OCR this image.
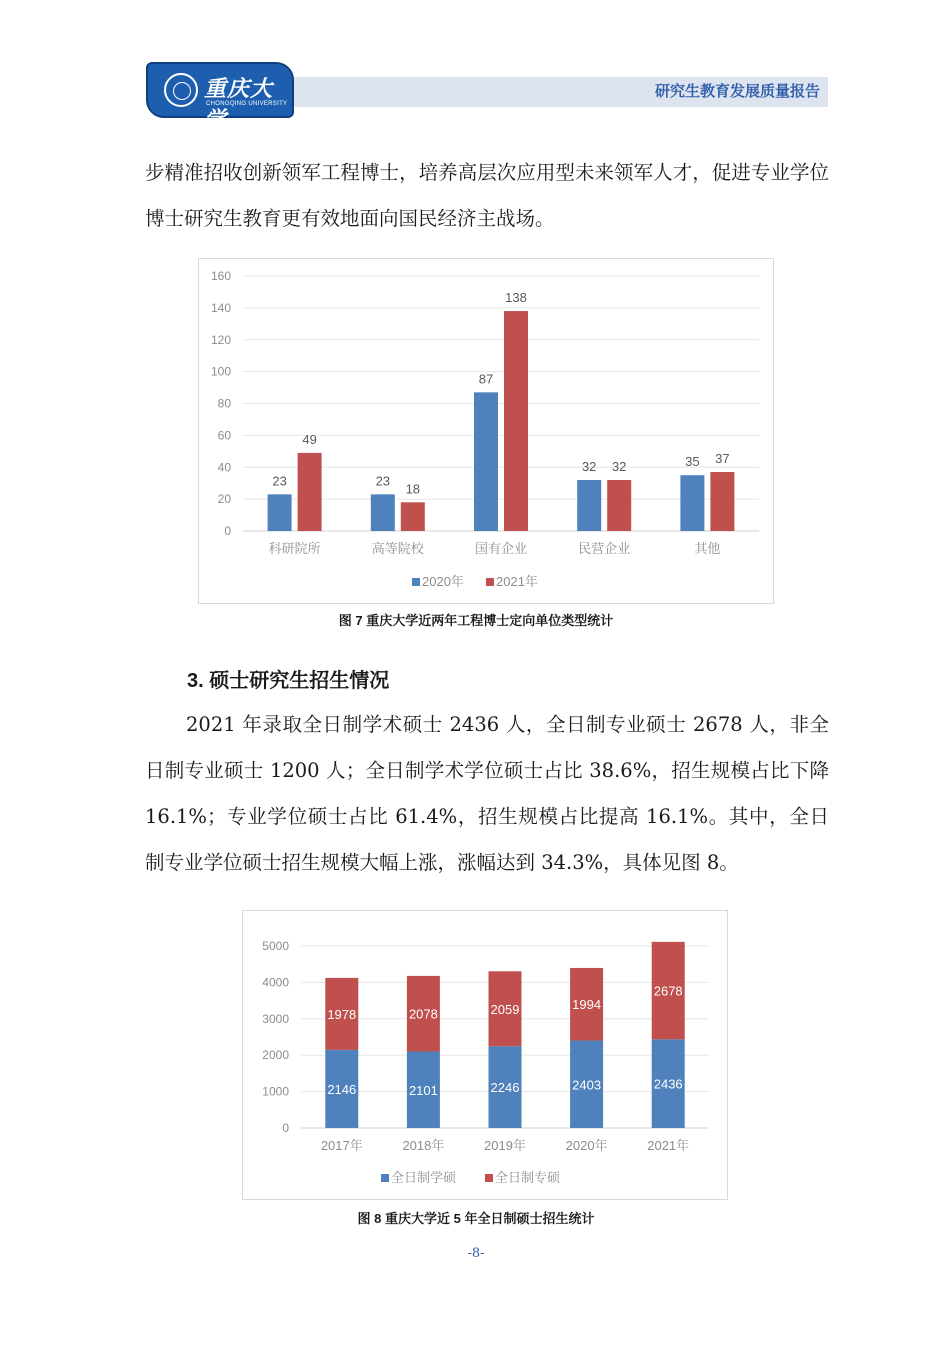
重庆大学
CHONGQING UNIVERSITY
研究生教育发展质量报告

步精准招收创新领军工程博士，培养高层次应用型未来领军人才，促进专业学位博士研究生教育更有效地面向国民经济主战场。

0
20
40
60
80
100
120
140
160
科研院所
23
49
高等院校
23
18
国有企业
87
138
民营企业
32 32
其他
35 37
2020年 2021年

图 7 重庆大学近两年工程博士定向单位类型统计

3. 硕士研究生招生情况

2021 年录取全日制学术硕士 2436 人，全日制专业硕士 2678 人，非全日制专业硕士 1200 人；全日制学术学位硕士占比 38.6%，招生规模占比下降 16.1%；专业学位硕士占比 61.4%，招生规模占比提高 16.1%。其中，全日制专业学位硕士招生规模大幅上涨，涨幅达到 34.3%，具体见图 8。

0
1000
2000
3000
4000
5000
2017年
2146
1978
2018年
2101
2078
2019年
2246
2059
2020年
2403
1994
2021年
2436
2678
全日制学硕	全日制专硕

图 8 重庆大学近 5 年全日制硕士招生统计

-8-
